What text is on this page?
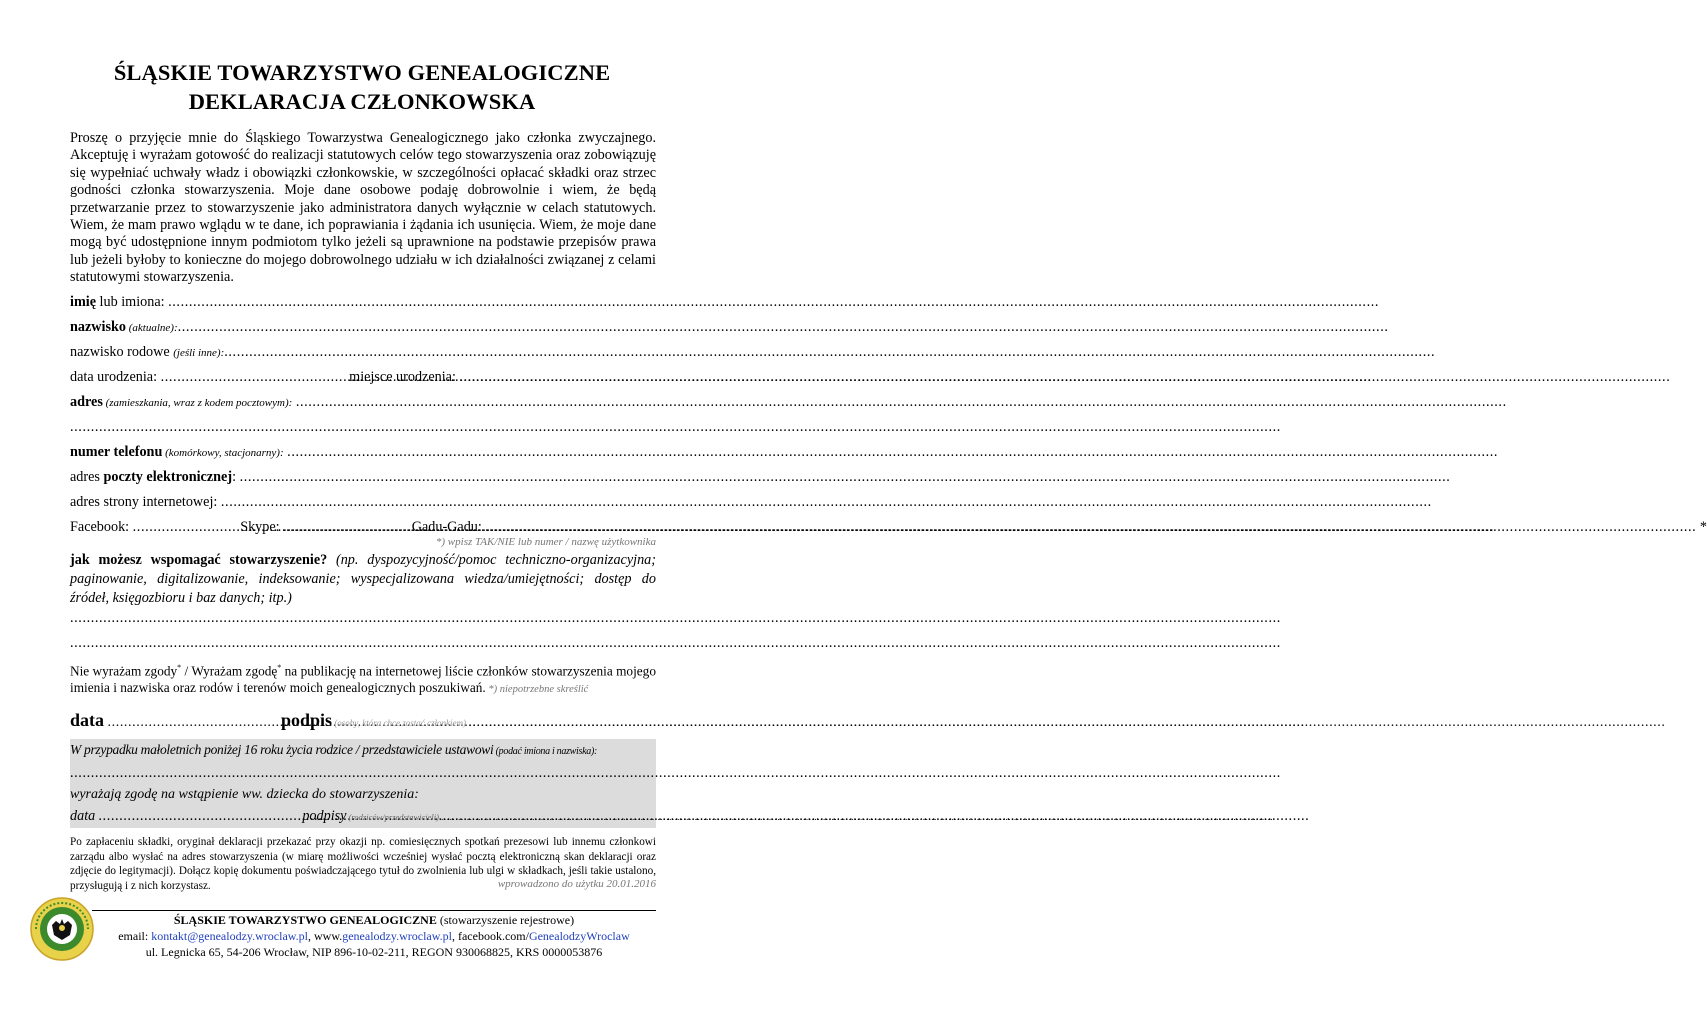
ŚLĄSKIE TOWARZYSTWO GENEALOGICZNE
DEKLARACJA CZŁONKOWSKA
Proszę o przyjęcie mnie do Śląskiego Towarzystwa Genealogicznego jako członka zwyczajnego. Akceptuję i wyrażam gotowość do realizacji statutowych celów tego stowarzyszenia oraz zobowiązuję się wypełniać uchwały władz i obowiązki członkowskie, w szczególności opłacać składki oraz strzec godności członka stowarzyszenia. Moje dane osobowe podaję dobrowolnie i wiem, że będą przetwarzanie przez to stowarzyszenie jako administratora danych wyłącznie w celach statutowych. Wiem, że mam prawo wglądu w te dane, ich poprawiania i żądania ich usunięcia. Wiem, że moje dane mogą być udostępnione innym podmiotom tylko jeżeli są uprawnione na podstawie przepisów prawa lub jeżeli byłoby to konieczne do mojego dobrowolnego udziału w ich działalności związanej z celami statutowymi stowarzyszenia.
imię lub imiona:
.....
nazwisko (aktualne):
.....
nazwisko rodowe (jeśli inne):
.....
data urodzenia: .....
	miejsce urodzenia:
.....
adres (zamieszkania, wraz z kodem pocztowym):

.....
.....
numer telefonu (komórkowy, stacjonarny):

.....
adres poczty elektronicznej :

.....
adres strony internetowej:

.....
Facebook:
.....
	Skype:
.....
	Gadu-Gadu:
.....	*
*) wpisz TAK/NIE lub numer / nazwę użytkownika
jak możesz wspomagać stowarzyszenie? (np. dyspozycyjność/pomoc techniczno-organizacyjna; paginowanie, digitalizowanie, indeksowanie; wyspecjalizowana wiedza/umiejętności; dostęp do źródeł, księgozbioru i baz danych; itp.)
.....
.....
Nie wyrażam zgody* / Wyrażam zgodę* na publikację na internetowej liście członków stowarzyszenia mojego imienia i nazwiska oraz rodów i terenów moich genealogicznych poszukiwań. *) niepotrzebne skreślić
data
.....
	podpis (osoby, która chce zostać członkiem)
.....
W przypadku małoletnich poniżej 16 roku życia rodzice / przedstawiciele ustawowi (podać imiona i nazwiska):
.....
wyrażają zgodę na wstąpienie ww. dziecka do stowarzyszenia:
data .....
	podpisy (rodziców/przedstawicieli)
.....
Po zapłaceniu składki, oryginał deklaracji przekazać przy okazji np. comiesięcznych spotkań prezesowi lub innemu członkowi zarządu albo wysłać na adres stowarzyszenia (w miarę możliwości wcześniej wysłać pocztą elektroniczną skan deklaracji oraz zdjęcie do legitymacji). Dołącz kopię dokumentu poświadczającego tytuł do zwolnienia lub ulgi w składkach, jeśli takie ustalono, przysługują i z nich korzystasz.	wprowadzono do użytku 20.01.2016
ŚLĄSKIE TOWARZYSTWO GENEALOGICZNE (stowarzyszenie rejestrowe)
email: kontakt@genealodzy.wroclaw.pl, www.genealodzy.wroclaw.pl, facebook.com/GenealodzyWroclaw
ul. Legnicka 65, 54-206 Wrocław, NIP 896-10-02-211, REGON 930068825, KRS 0000053876
